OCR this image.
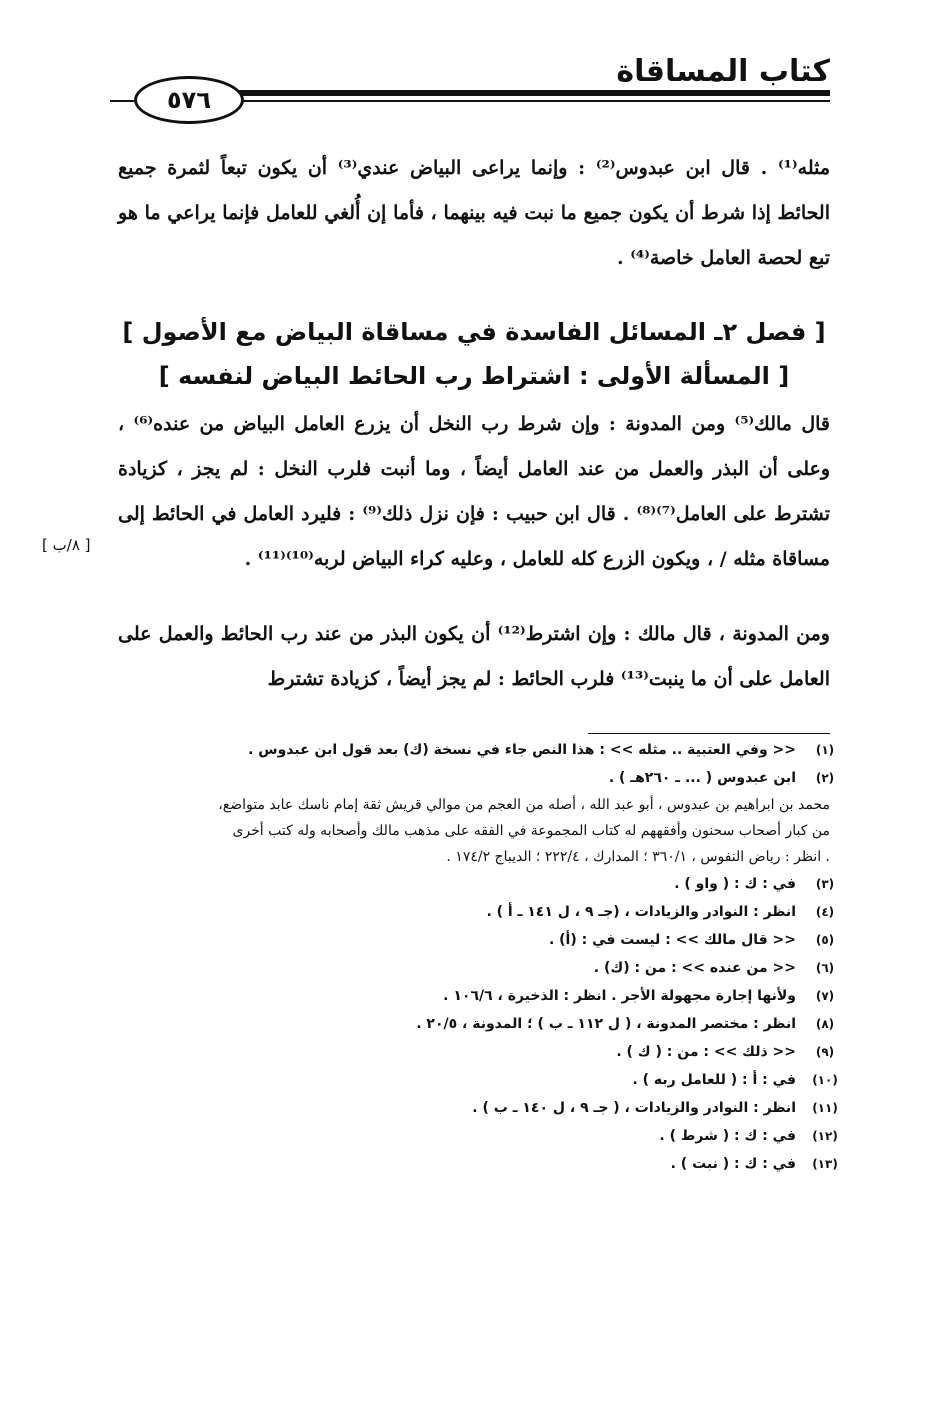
كتاب المساقاة
٥٧٦
مثله⁽¹⁾ . قال ابن عبدوس⁽²⁾ : وإنما يراعى البياض عندي⁽³⁾ أن يكون تبعاً لثمرة جميع الحائط إذا شرط أن يكون جميع ما نبت فيه بينهما ، فأما إن أُلغي للعامل فإنما يراعي ما هو تبع لحصة العامل خاصة⁽⁴⁾ .
[ فصل ٢ـ المسائل الفاسدة في مساقاة البياض مع الأصول ]
[ المسألة الأولى : اشتراط رب الحائط البياض لنفسه ]
قال مالك⁽⁵⁾ ومن المدونة : وإن شرط رب النخل أن يزرع العامل البياض من عنده⁽⁶⁾ ، وعلى أن البذر والعمل من عند العامل أيضاً ، وما أنبت فلرب النخل : لم يجز ، كزيادة تشترط على العامل⁽⁷⁾⁽⁸⁾ . قال ابن حبيب : فإن نزل ذلك⁽⁹⁾ : فليرد العامل في الحائط إلى مساقاة مثله / ، ويكون الزرع كله للعامل ، وعليه كراء البياض لربه⁽¹⁰⁾⁽¹¹⁾ .
[ ٨/ب ]
ومن المدونة ، قال مالك : وإن اشترط⁽¹²⁾ أن يكون البذر من عند رب الحائط والعمل على العامل على أن ما ينبت⁽¹³⁾ فلرب الحائط : لم يجز أيضاً ، كزيادة تشترط
(١)
<< وفي العتبية .. مثله >> : هذا النص جاء في نسخة (ك) بعد قول ابن عبدوس .
(٢)
ابن عبدوس ( ... ـ ٢٦٠هـ ) .
محمد بن ابراهيم بن عبدوس ، أبو عبد الله ، أصله من العجم من موالي قريش ثقة إمام ناسك عابد متواضع،
من كبار أصحاب سحنون وأفقههم له كتاب المجموعة في الفقه على مذهب مالك وأصحابه وله كتب أخرى
. انظر : رياض النفوس ، ٣٦٠/١ ؛ المدارك ، ٢٢٢/٤ ؛ الديباج ١٧٤/٢ .
(٣)
في : ك : ( واو ) .
(٤)
انظر : النوادر والزيادات ، (جـ ٩ ، ل ١٤١ ـ أ ) .
(٥)
<< قال مالك >> : ليست في : (أ) .
(٦)
<< من عنده >> : من : (ك) .
(٧)
ولأنها إجارة مجهولة الأجر . انظر : الذخيرة ، ١٠٦/٦ .
(٨)
انظر : مختصر المدونة ، ( ل ١١٢ ـ ب ) ؛ المدونة ، ٢٠/٥ .
(٩)
<< ذلك >> : من : ( ك ) .
(١٠)
في : أ : ( للعامل ربه ) .
(١١)
انظر : النوادر والزيادات ، ( جـ ٩ ، ل ١٤٠ ـ ب ) .
(١٢)
في : ك : ( شرط ) .
(١٣)
في : ك : ( نبت ) .
